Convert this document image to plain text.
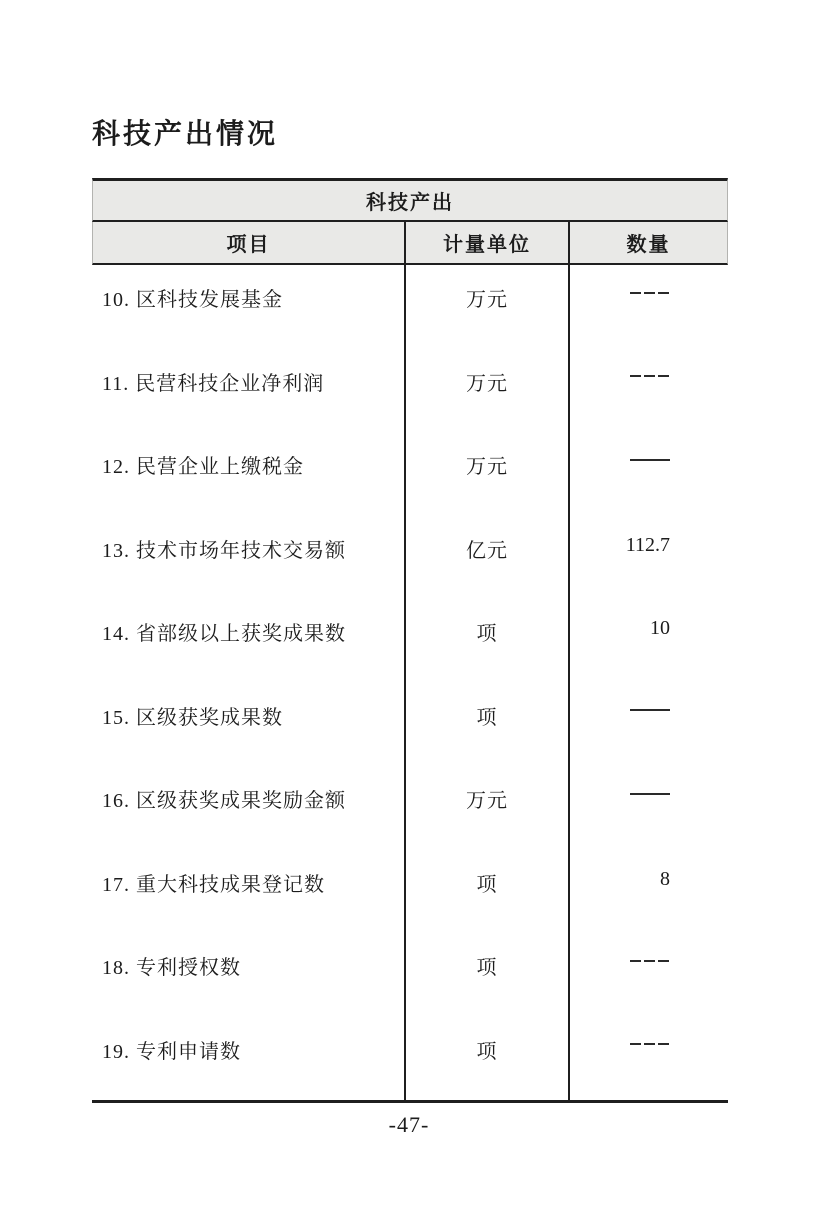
科技产出情况
科技产出
项目	计量单位	数量
10. 区科技发展基金	万元
11. 民营科技企业净利润	万元
12. 民营企业上缴税金	万元
13. 技术市场年技术交易额	亿元	112.7
14. 省部级以上获奖成果数	项	10
15. 区级获奖成果数	项
16. 区级获奖成果奖励金额	万元
17. 重大科技成果登记数	项	8
18. 专利授权数	项
19. 专利申请数	项
-47-
